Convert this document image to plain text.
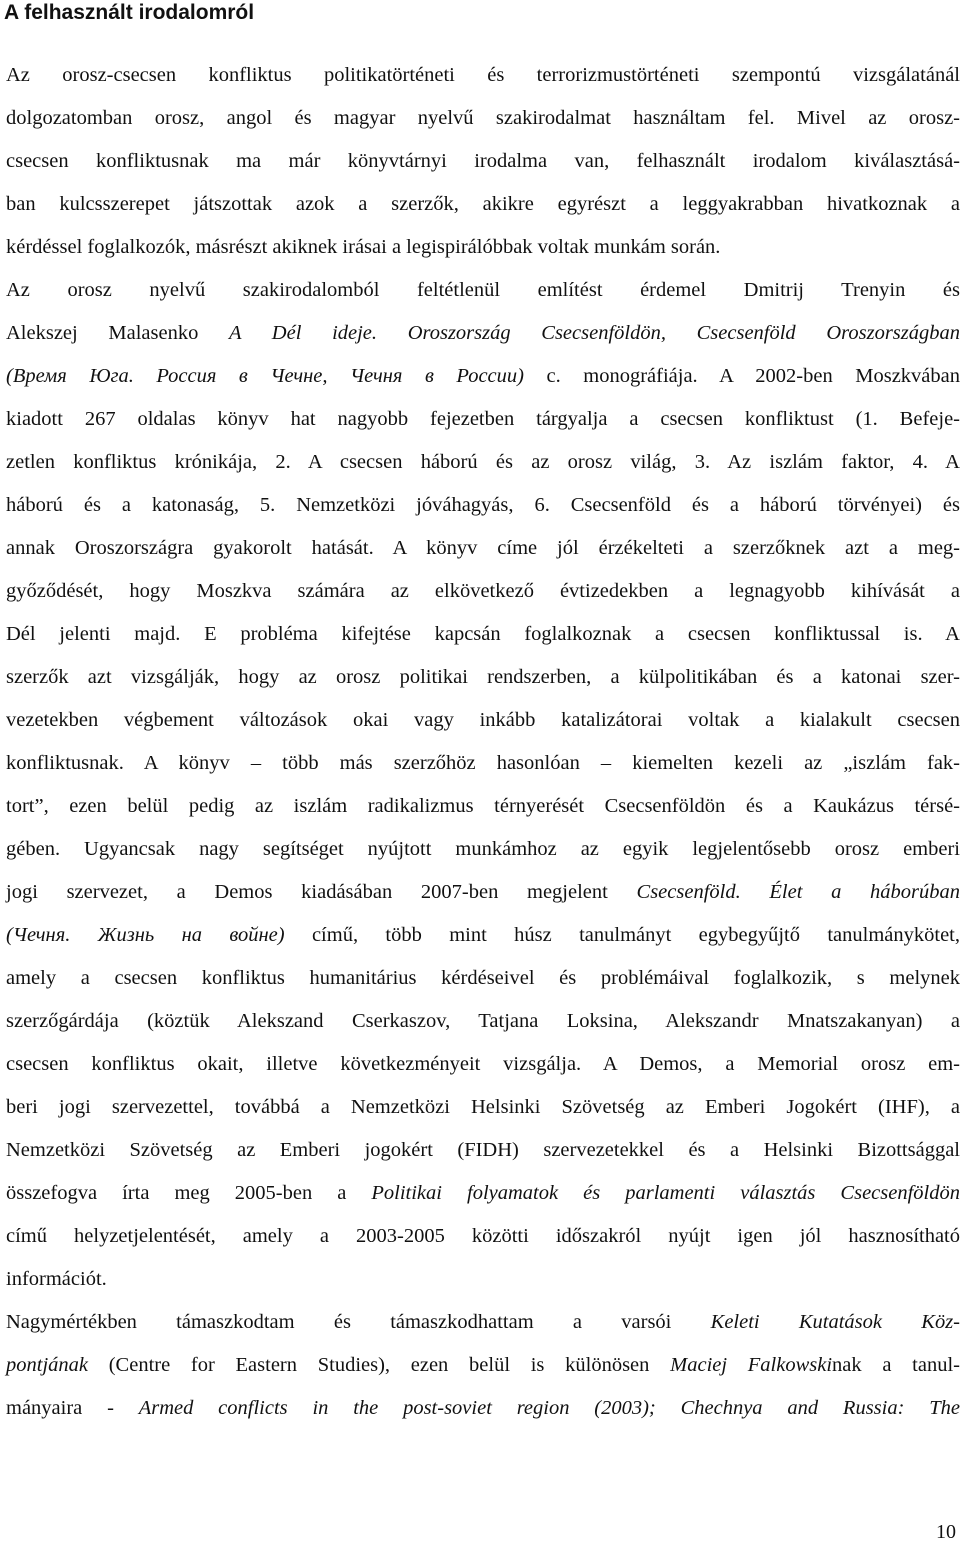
A felhasznált irodalomról
Az orosz-csecsen konfliktus politikatörténeti és terrorizmustörténeti szempontú vizsgálatánál
dolgozatomban orosz, angol és magyar nyelvű szakirodalmat használtam fel. Mivel az orosz-
csecsen konfliktusnak ma már könyvtárnyi irodalma van, felhasznált irodalom kiválasztásá-
ban kulcsszerepet játszottak azok a szerzők, akikre egyrészt a leggyakrabban hivatkoznak a
kérdéssel foglalkozók, másrészt akiknek irásai a legispirálóbbak voltak munkám során.
Az orosz nyelvű szakirodalomból feltétlenül említést érdemel Dmitrij Trenyin és
Alekszej Malasenko A Dél ideje. Oroszország Csecsenföldön, Csecsenföld Oroszországban
(Время Юга. Россия в Чечне, Чечня в России) c. monográfiája. A 2002-ben Moszkvában
kiadott 267 oldalas könyv hat nagyobb fejezetben tárgyalja a csecsen konfliktust (1. Befeje-
zetlen konfliktus krónikája, 2. A csecsen háború és az orosz világ, 3. Az iszlám faktor, 4. A
háború és a katonaság, 5. Nemzetközi jóváhagyás, 6. Csecsenföld és a háború törvényei) és
annak Oroszországra gyakorolt hatását. A könyv címe jól érzékelteti a szerzőknek azt a meg-
győződését, hogy Moszkva számára az elkövetkező évtizedekben a legnagyobb kihívását a
Dél jelenti majd. E probléma kifejtése kapcsán foglalkoznak a csecsen konfliktussal is. A
szerzők azt vizsgálják, hogy az orosz politikai rendszerben, a külpolitikában és a katonai szer-
vezetekben végbement változások okai vagy inkább katalizátorai voltak a kialakult csecsen
konfliktusnak. A könyv – több más szerzőhöz hasonlóan – kiemelten kezeli az „iszlám fak-
tort”, ezen belül pedig az iszlám radikalizmus térnyerését Csecsenföldön és a Kaukázus térsé-
gében. Ugyancsak nagy segítséget nyújtott munkámhoz az egyik legjelentősebb orosz emberi
jogi szervezet, a Demos kiadásában 2007-ben megjelent Csecsenföld. Élet a háborúban
(Чечня. Жизнь на войне) című, több mint húsz tanulmányt egybegyűjtő tanulmánykötet,
amely a csecsen konfliktus humanitárius kérdéseivel és problémáival foglalkozik, s melynek
szerzőgárdája (köztük Alekszand Cserkaszov, Tatjana Loksina, Alekszandr Mnatszakanyan) a
csecsen konfliktus okait, illetve következményeit vizsgálja. A Demos, a Memorial orosz em-
beri jogi szervezettel, továbbá a Nemzetközi Helsinki Szövetség az Emberi Jogokért (IHF), a
Nemzetközi Szövetség az Emberi jogokért (FIDH) szervezetekkel és a Helsinki Bizottsággal
összefogva írta meg 2005-ben a Politikai folyamatok és parlamenti választás Csecsenföldön
című helyzetjelentését, amely a 2003-2005 közötti időszakról nyújt igen jól hasznosítható
információt.
Nagymértékben támaszkodtam és támaszkodhattam a varsói Keleti Kutatások Köz-
pontjának (Centre for Eastern Studies), ezen belül is különösen Maciej Falkowskinak a tanul-
mányaira - Armed conflicts in the post-soviet region (2003); Chechnya and Russia: The
10
